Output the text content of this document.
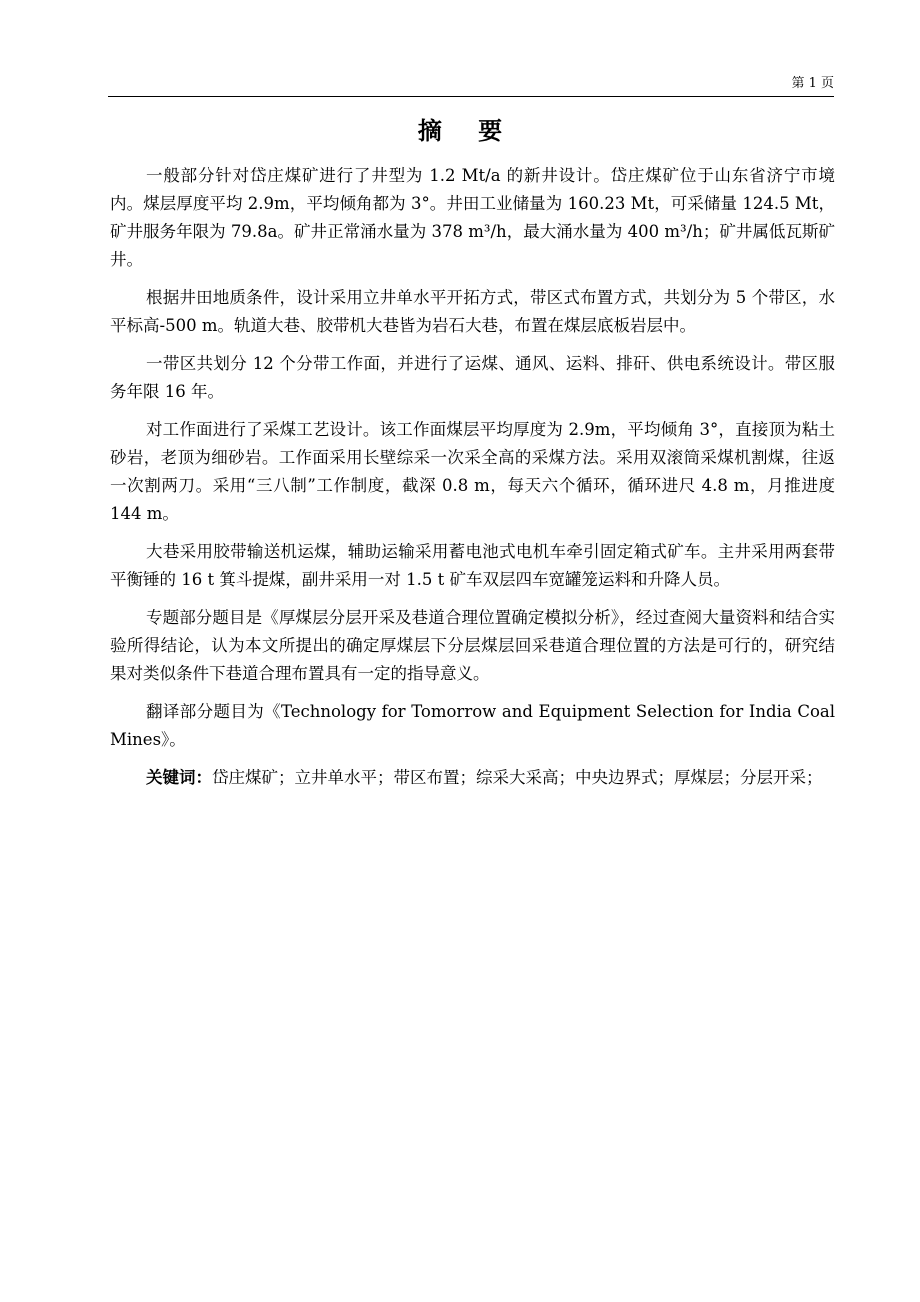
第 1 页
摘 要

一般部分针对岱庄煤矿进行了井型为 1.2 Mt/a 的新井设计。岱庄煤矿位于山东省济宁市境内。煤层厚度平均 2.9m，平均倾角都为 3°。井田工业储量为 160.23 Mt，可采储量 124.5 Mt，矿井服务年限为 79.8a。矿井正常涌水量为 378 m³/h，最大涌水量为 400 m³/h；矿井属低瓦斯矿井。

根据井田地质条件，设计采用立井单水平开拓方式，带区式布置方式，共划分为 5 个带区，水平标高-500 m。轨道大巷、胶带机大巷皆为岩石大巷，布置在煤层底板岩层中。

一带区共划分 12 个分带工作面，并进行了运煤、通风、运料、排矸、供电系统设计。带区服务年限 16 年。

对工作面进行了采煤工艺设计。该工作面煤层平均厚度为 2.9m，平均倾角 3°，直接顶为粘土砂岩，老顶为细砂岩。工作面采用长壁综采一次采全高的采煤方法。采用双滚筒采煤机割煤，往返一次割两刀。采用“三八制”工作制度，截深 0.8 m，每天六个循环，循环进尺 4.8 m，月推进度 144 m。

大巷采用胶带输送机运煤，辅助运输采用蓄电池式电机车牵引固定箱式矿车。主井采用两套带平衡锤的 16 t 箕斗提煤，副井采用一对 1.5 t 矿车双层四车宽罐笼运料和升降人员。

专题部分题目是《厚煤层分层开采及巷道合理位置确定模拟分析》，经过查阅大量资料和结合实验所得结论，认为本文所提出的确定厚煤层下分层煤层回采巷道合理位置的方法是可行的，研究结果对类似条件下巷道合理布置具有一定的指导意义。

翻译部分题目为《Technology for Tomorrow and Equipment Selection for India Coal Mines》。

关键词：岱庄煤矿；立井单水平；带区布置；综采大采高；中央边界式；厚煤层；分层开采；
